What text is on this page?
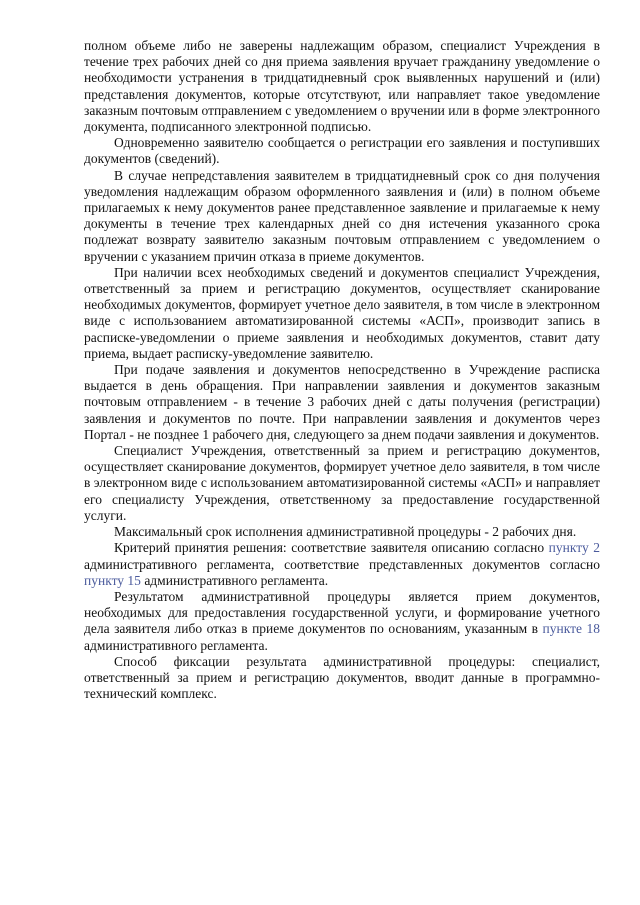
полном объеме либо не заверены надлежащим образом, специалист Учреждения в течение трех рабочих дней со дня приема заявления вручает гражданину уведомление о необходимости устранения в тридцатидневный срок выявленных нарушений и (или) представления документов, которые отсутствуют, или направляет такое уведомление заказным почтовым отправлением с уведомлением о вручении или в форме электронного документа, подписанного электронной подписью.

Одновременно заявителю сообщается о регистрации его заявления и поступивших документов (сведений).

В случае непредставления заявителем в тридцатидневный срок со дня получения уведомления надлежащим образом оформленного заявления и (или) в полном объеме прилагаемых к нему документов ранее представленное заявление и прилагаемые к нему документы в течение трех календарных дней со дня истечения указанного срока подлежат возврату заявителю заказным почтовым отправлением с уведомлением о вручении с указанием причин отказа в приеме документов.

При наличии всех необходимых сведений и документов специалист Учреждения, ответственный за прием и регистрацию документов, осуществляет сканирование необходимых документов, формирует учетное дело заявителя, в том числе в электронном виде с использованием автоматизированной системы «АСП», производит запись в расписке-уведомлении о приеме заявления и необходимых документов, ставит дату приема, выдает расписку-уведомление заявителю.

При подаче заявления и документов непосредственно в Учреждение расписка выдается в день обращения. При направлении заявления и документов заказным почтовым отправлением - в течение 3 рабочих дней с даты получения (регистрации) заявления и документов по почте. При направлении заявления и документов через Портал - не позднее 1 рабочего дня, следующего за днем подачи заявления и документов.

Специалист Учреждения, ответственный за прием и регистрацию документов, осуществляет сканирование документов, формирует учетное дело заявителя, в том числе в электронном виде с использованием автоматизированной системы «АСП» и направляет его специалисту Учреждения, ответственному за предоставление государственной услуги.

Максимальный срок исполнения административной процедуры - 2 рабочих дня.

Критерий принятия решения: соответствие заявителя описанию согласно пункту 2 административного регламента, соответствие представленных документов согласно пункту 15 административного регламента.

Результатом административной процедуры является прием документов, необходимых для предоставления государственной услуги, и формирование учетного дела заявителя либо отказ в приеме документов по основаниям, указанным в пункте 18 административного регламента.

Способ фиксации результата административной процедуры: специалист, ответственный за прием и регистрацию документов, вводит данные в программно-технический комплекс.
